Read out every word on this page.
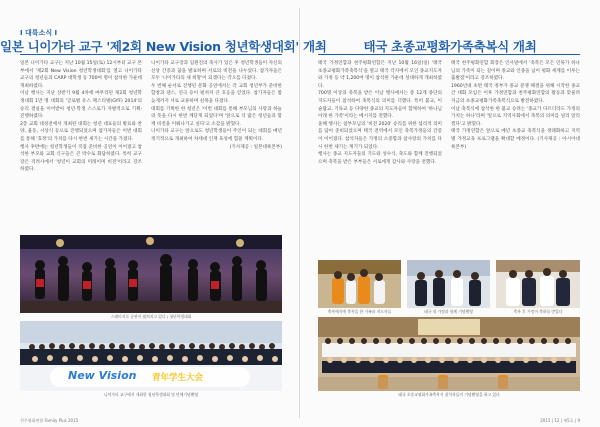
I 대륙소식 I
일본 니이가타 교구 '제2회 New Vision 청년학생대회' 개최

일본 니이가타 교구는 지난 10월 15일(토) 12시부터 교구 본부에서 '제2회 New Vision 청년학생대회'를 열고 니이가타 교구의 청년들과 CARP 대학생 등 700여 명이 참석한 가운데 개최하였다.

이날 행사는 지난 상반기 9월 4차에 마무리된 제2회 청년학생대회 1만 명 대회의 '글로벌 유스 페스티벌(GYF) 2014'의 승리 결실을 이어받아 청년·학생 스스로가 자발적으로 기획·진행하였다.

2층 교회 대성전에서 개최된 대회는 청년 대표들의 발표와 찬양, 율동, 시상식 등으로 진행되었으며 참가자들은 이번 대회를 통해 '효정'의 가치를 다시 한번 새기는 시간을 가졌다.

행사 후반에는 청년학생들이 직접 준비한 공연이 이어졌고 참석한 부모와 교회 식구들은 큰 박수로 화답하였다. 특히 교구장은 격려사에서 '청년이 교회의 미래이며 비전'이라고 강조하였다.

니이가타 교구장과 임원진의 축사가 있은 후 청년학생들이 자신의 신앙 간증과 꿈을 발표하며 서로의 비전을 나누었다. 참가자들은 모두 '니이가타의 새 희망'이 되겠다는 각오를 다졌다.

두 번째 순서로 진행된 문화 공연에서는 각 교회 청년부가 준비한 합창과 댄스, 연극 등이 펼쳐져 큰 호응을 얻었다. 참가자들은 밤늦게까지 서로 교류하며 친목을 다졌다.

대회를 기획한 한 청년은 '이번 대회를 통해 부모님의 사랑과 하늘의 뜻을 다시 한번 깨닫게 되었다'며 '앞으로 더 많은 청년들과 함께 비전을 이뤄나가고 싶다'고 소감을 밝혔다.

니이가타 교구는 앞으로도 청년학생들이 주인이 되는 대회를 매년 정기적으로 개최하여 차세대 인재 육성에 힘쓸 계획이다.

(기사제공 : 일본대륙본부)

스테이지로 공연이 펼쳐지고 있다 / 청년학생대회
New Vision 青年学生大会
니이가타 교구에서 개최한 청년학생대회 및 단체기념촬영
천주평화연합 Family Plus 2015
태국 초종교평화가족축복식 개최

태국 가정연합과 천주평화연합은 지난 10월 16일(일) '태국 초종교평화가족축복식'을 열고 태국 각지에서 모인 종교지도자와 가정 등 약 1,200여 명이 참석한 가운데 성대하게 개최하였다.

700명 이상의 축복을 받은 이날 행사에서는 총 12개 종단의 지도자들이 참석하여 축복식의 의미를 더했다. 특히 불교, 이슬람교, 기독교 등 다양한 종교의 지도자들이 함께하여 '하나님 아래 한 가족'이라는 메시지를 전했다.

올해 행사는 참부모님의 '비전 2020' 승리를 위한 섭리적 의미를 담아 준비되었으며 태국 전역에서 모인 축복가정들의 간증이 이어졌다. 참석자들은 가정의 소중함과 참사랑의 가치를 다시 한번 새기는 계기가 되었다.

행사는 종교 지도자들의 기도와 성수식, 축도와 함께 진행되었으며 축복을 받은 부부들은 서로에게 감사와 사랑을 전했다.

태국 천주평화연합 회장은 인사말에서 '축복은 모든 인류가 하나님의 가족이 되는 길이며 종교와 인종을 넘어 평화 세계를 이루는 출발점'이라고 강조하였다.

1960년대 초반 태국 정부가 종교 분쟁 해결을 위해 시작한 종교간 대화 모임은 이후 가정연합과 천주평화연합의 활동과 맞물려 지금의 초종교평화가족축복식으로 발전하였다.

이날 축복식에 참석한 한 불교 승려는 '종교가 다르더라도 가정의 가치는 하나'라며 '앞으로 지역사회에서 축복의 의미를 널리 알리겠다'고 밝혔다.

태국 가정연합은 앞으로 매년 초종교 축복식을 정례화하고 지역별 가정교육 프로그램을 확대할 예정이다. (기사제공 : 아시아대륙본부)

축복예식에 축복을 한 가족과 지도자들	태국 내 가정과 함께 기념촬영	축복 후 가정이 축하를 받았다
태국 초종교평화가족축복식 참석자들이 기념촬영을 하고 있다
2015 | 12 | 제5호 | 9
